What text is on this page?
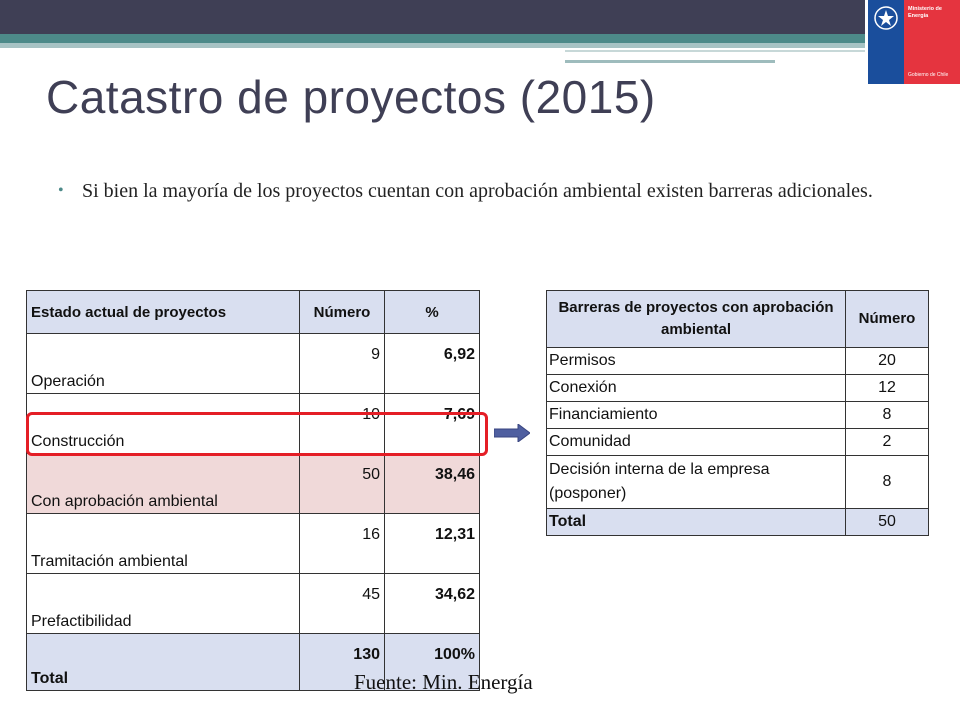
Ministerio de
Energía
Gobierno de Chile
Catastro de proyectos (2015)
• Si bien la mayoría de los proyectos cuentan con aprobación ambiental existen barreras adicionales.
Estado actual de proyectos	Número	%
Operación	9	6,92
Construcción	10	7,69
Con aprobación ambiental	50	38,46
Tramitación ambiental	16	12,31
Prefactibilidad	45	34,62
Total	130	100%
Barreras de proyectos con aprobación ambiental	Número
Permisos	20
Conexión	12
Financiamiento	8
Comunidad	2
Decisión interna de la empresa (posponer)	8
Total	50
Fuente: Min. Energía
